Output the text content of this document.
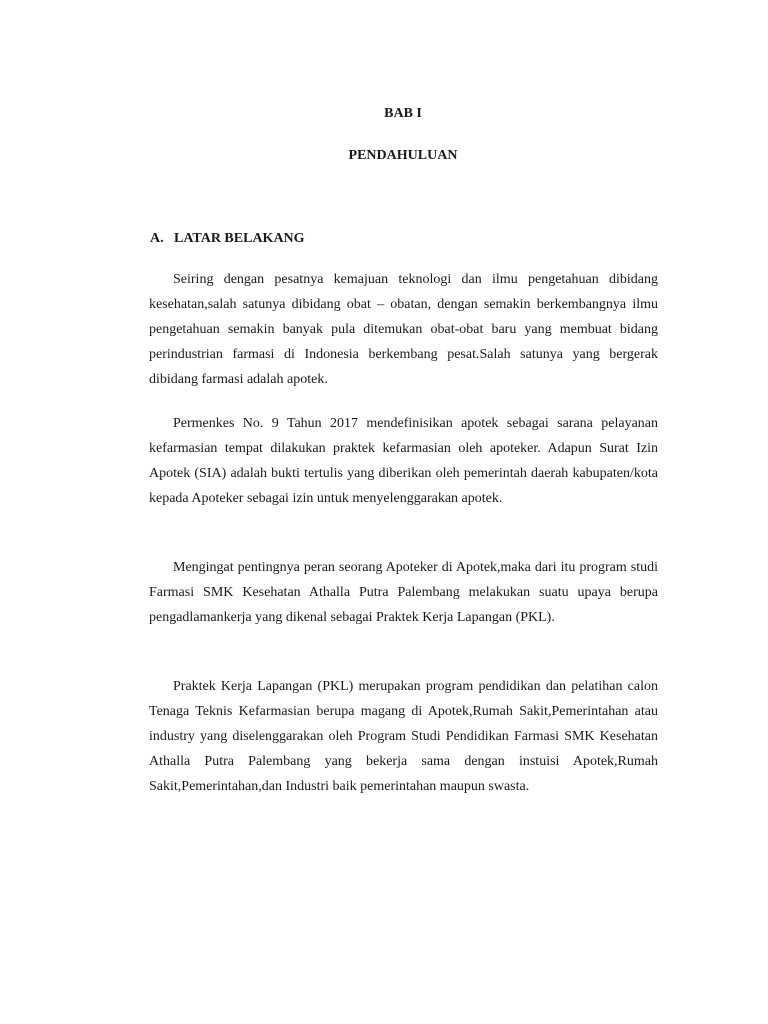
BAB I
PENDAHULUAN
A. LATAR BELAKANG

Seiring dengan pesatnya kemajuan teknologi dan ilmu pengetahuan dibidang kesehatan,salah satunya dibidang obat – obatan, dengan semakin berkembangnya ilmu pengetahuan semakin banyak pula ditemukan obat-obat baru yang membuat bidang perindustrian farmasi di Indonesia berkembang pesat.Salah satunya yang bergerak dibidang farmasi adalah apotek.

Permenkes No. 9 Tahun 2017 mendefinisikan apotek sebagai sarana pelayanan kefarmasian tempat dilakukan praktek kefarmasian oleh apoteker. Adapun Surat Izin Apotek (SIA) adalah bukti tertulis yang diberikan oleh pemerintah daerah kabupaten/kota kepada Apoteker sebagai izin untuk menyelenggarakan apotek.

Mengingat pentingnya peran seorang Apoteker di Apotek,maka dari itu program studi Farmasi SMK Kesehatan Athalla Putra Palembang melakukan suatu upaya berupa pengadlamankerja yang dikenal sebagai Praktek Kerja Lapangan (PKL).

Praktek Kerja Lapangan (PKL) merupakan program pendidikan dan pelatihan calon Tenaga Teknis Kefarmasian berupa magang di Apotek,Rumah Sakit,Pemerintahan atau industry yang diselenggarakan oleh Program Studi Pendidikan Farmasi SMK Kesehatan Athalla Putra Palembang yang bekerja sama dengan instuisi Apotek,Rumah Sakit,Pemerintahan,dan Industri baik pemerintahan maupun swasta.
